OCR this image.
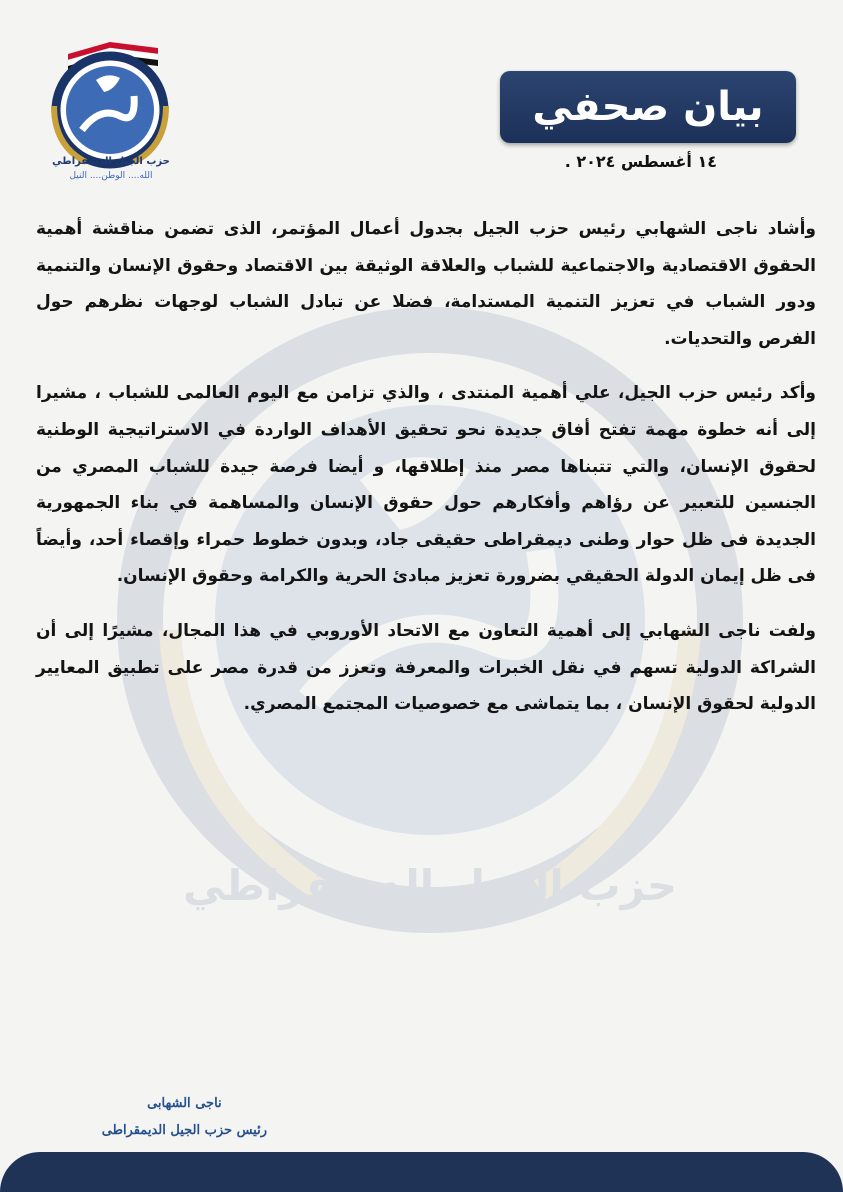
حزب الجيل الديمقراطي
حزب الجيل الديمقراطي
الله.... الوطن.... النيل
بيان صحفي
١٤ أغسطس ٢٠٢٤ .

وأشاد ناجى الشهابي رئيس حزب الجيل بجدول أعمال المؤتمر، الذى تضمن مناقشة أهمية الحقوق الاقتصادية والاجتماعية للشباب والعلاقة الوثيقة بين الاقتصاد وحقوق الإنسان والتنمية ودور الشباب في تعزيز التنمية المستدامة، فضلا عن تبادل الشباب لوجهات نظرهم حول الفرص والتحديات.

وأكد رئيس حزب الجيل، علي أهمية المنتدى ، والذي تزامن مع اليوم العالمى للشباب ، مشيرا إلى أنه خطوة مهمة تفتح أفاق جديدة نحو تحقيق الأهداف الواردة في الاستراتيجية الوطنية لحقوق الإنسان، والتي تتبناها مصر منذ إطلاقها، و أيضا فرصة جيدة للشباب المصري من الجنسين للتعبير عن رؤاهم وأفكارهم حول حقوق الإنسان والمساهمة في بناء الجمهورية الجديدة فى ظل حوار وطنى ديمقراطى حقيقى جاد، وبدون خطوط حمراء وإقصاء أحد، وأيضاً فى ظل إيمان الدولة الحقيقي بضرورة تعزيز مبادئ الحرية والكرامة وحقوق الإنسان.

ولفت ناجى الشهابي إلى أهمية التعاون مع الاتحاد الأوروبي في هذا المجال، مشيرًا إلى أن الشراكة الدولية تسهم في نقل الخبرات والمعرفة وتعزز من قدرة مصر على تطبيق المعايير الدولية لحقوق الإنسان ، بما يتماشى مع خصوصيات المجتمع المصري.

ناجى الشهابى
رئيس حزب الجيل الديمقراطى
